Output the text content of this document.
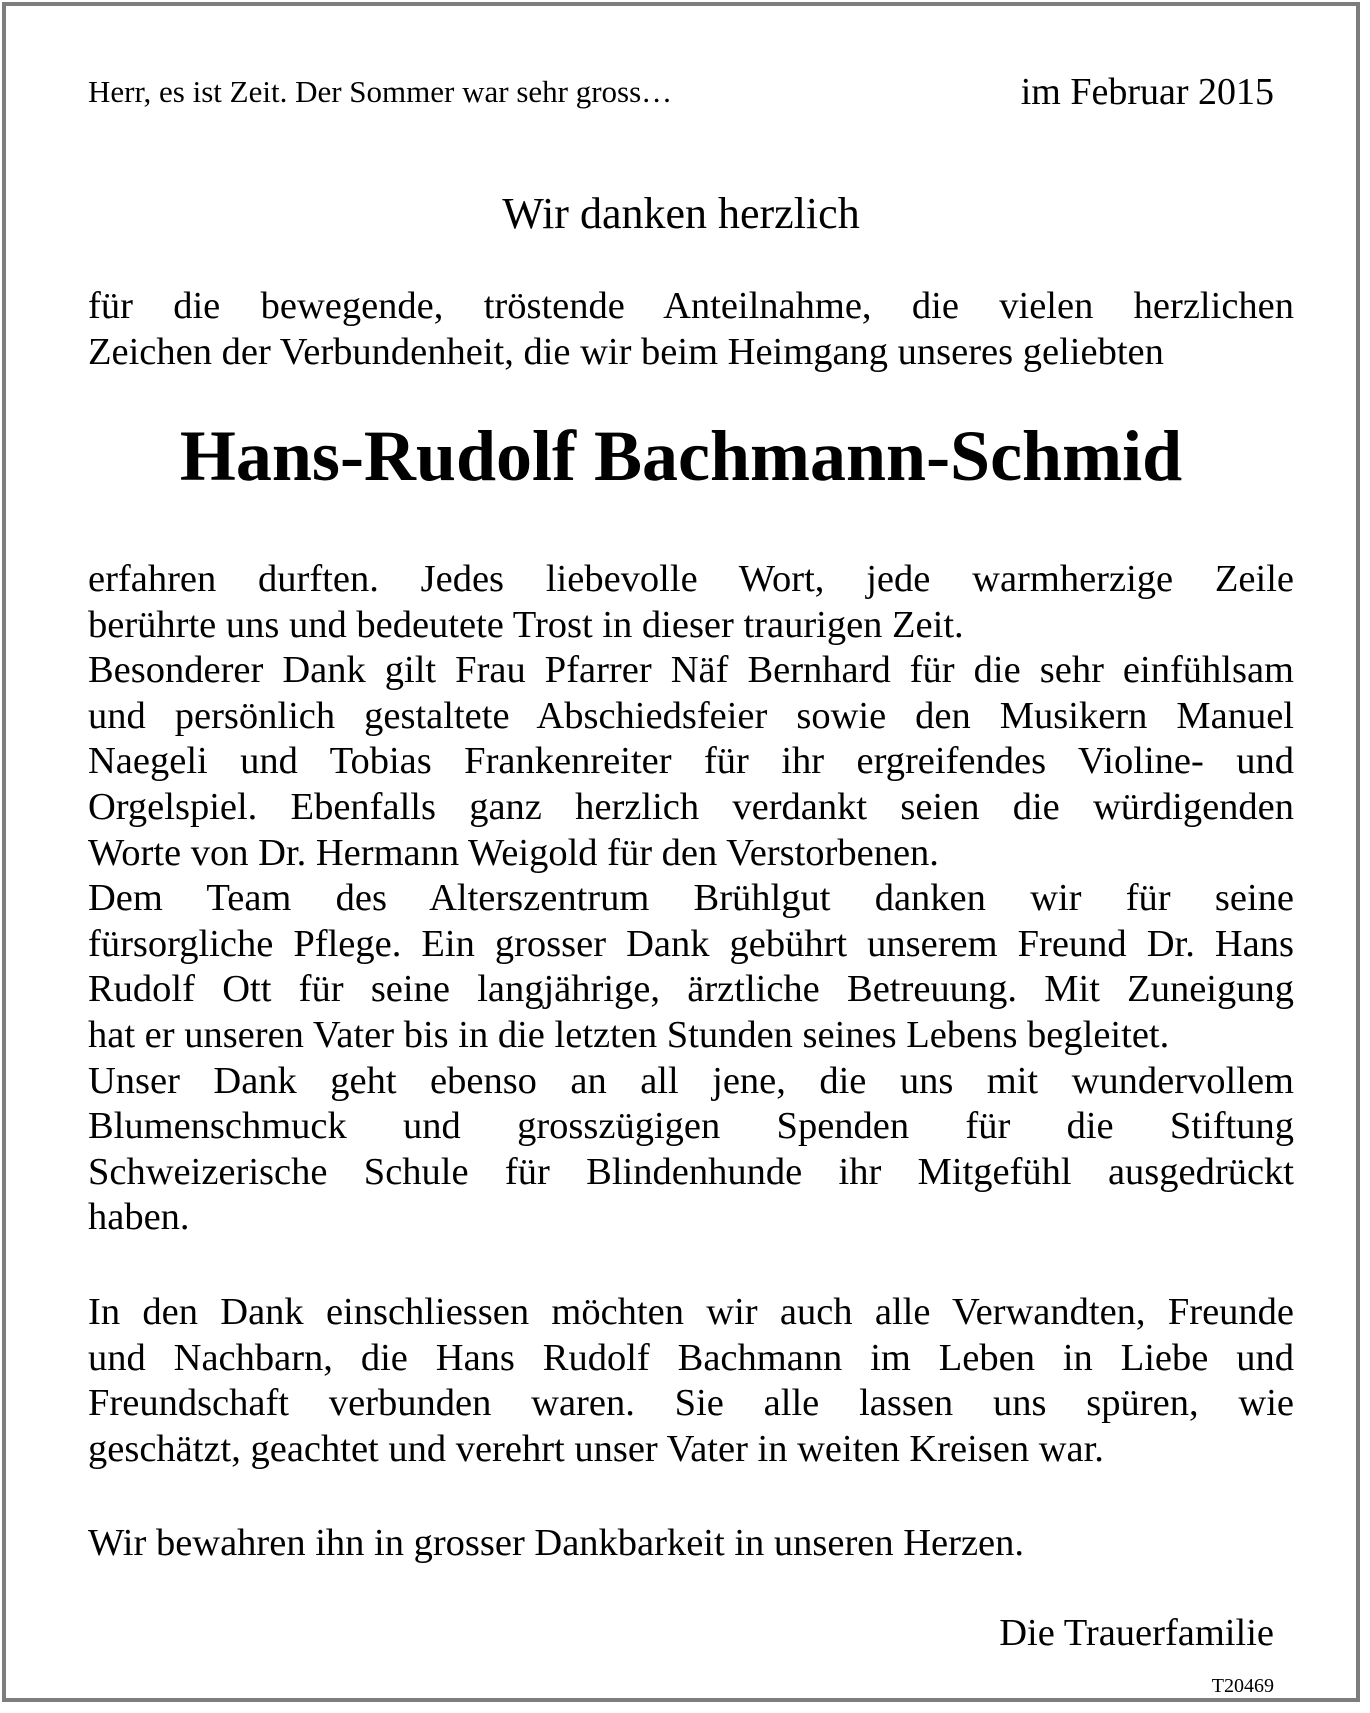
Herr, es ist Zeit. Der Sommer war sehr gross…	im Februar 2015
Wir danken herzlich

für die bewegende, tröstende Anteilnahme, die vielen herzlichen
Zeichen der Verbundenheit, die wir beim Heimgang unseres geliebten

Hans-Rudolf Bachmann-Schmid

erfahren durften. Jedes liebevolle Wort, jede warmherzige Zeile
berührte uns und bedeutete Trost in dieser traurigen Zeit.
Besonderer Dank gilt Frau Pfarrer Näf Bernhard für die sehr einfühlsam
und persönlich gestaltete Abschiedsfeier sowie den Musikern Manuel
Naegeli und Tobias Frankenreiter für ihr ergreifendes Violine- und
Orgelspiel. Ebenfalls ganz herzlich verdankt seien die würdigenden
Worte von Dr. Hermann Weigold für den Verstorbenen.
Dem Team des Alterszentrum Brühlgut danken wir für seine
fürsorgliche Pflege. Ein grosser Dank gebührt unserem Freund Dr. Hans
Rudolf Ott für seine langjährige, ärztliche Betreuung. Mit Zuneigung
hat er unseren Vater bis in die letzten Stunden seines Lebens begleitet.
Unser Dank geht ebenso an all jene, die uns mit wundervollem
Blumenschmuck und grosszügigen Spenden für die Stiftung
Schweizerische Schule für Blindenhunde ihr Mitgefühl ausgedrückt
haben.

In den Dank einschliessen möchten wir auch alle Verwandten, Freunde
und Nachbarn, die Hans Rudolf Bachmann im Leben in Liebe und
Freundschaft verbunden waren. Sie alle lassen uns spüren, wie
geschätzt, geachtet und verehrt unser Vater in weiten Kreisen war.

Wir bewahren ihn in grosser Dankbarkeit in unseren Herzen.
Die Trauerfamilie
T20469
